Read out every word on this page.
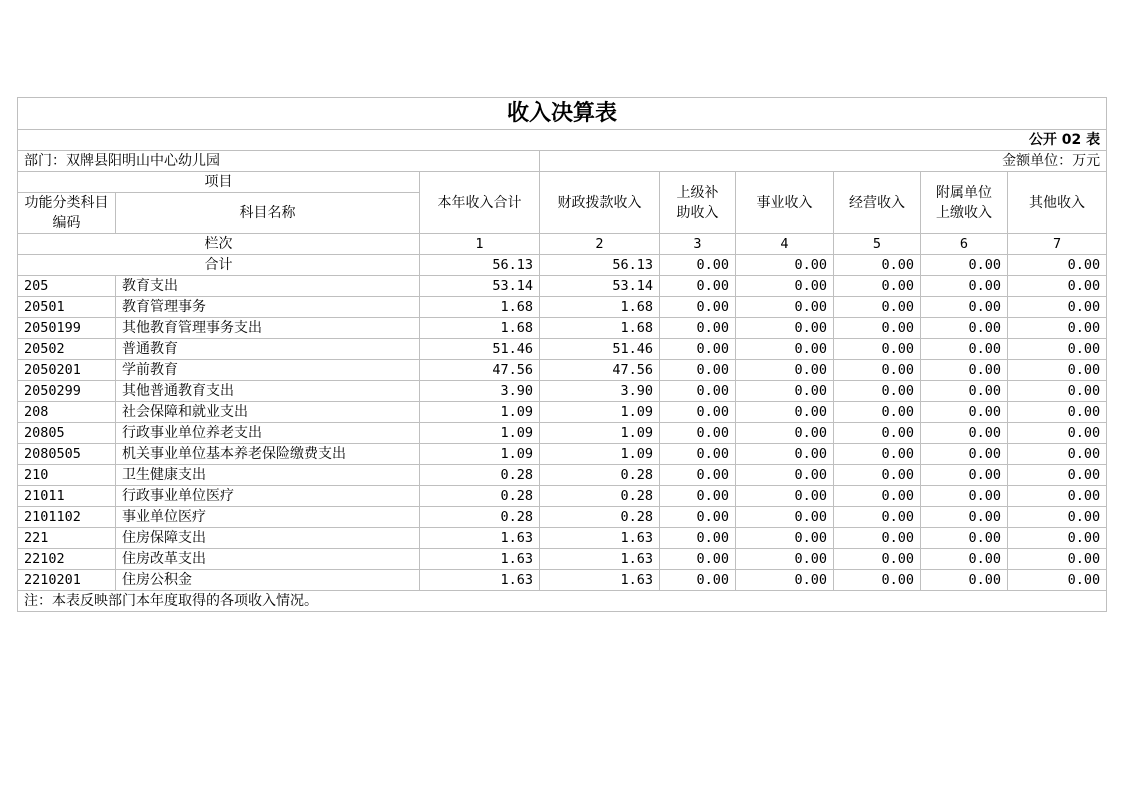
收入决算表								
公开 02 表								
部门：双牌县阳明山中心幼儿园			金额单位：万元					
项目		本年收入合计	财政拨款收入	上级补助收入	事业收入	经营收入	附属单位上缴收入	其他收入
功能分类科目编码	科目名称							
栏次		1	2	3	4	5	6	7
合计		56.13	56.13	0.00	0.00	0.00	0.00	0.00
205	教育支出	53.14	53.14	0.00	0.00	0.00	0.00	0.00
20501	教育管理事务	1.68	1.68	0.00	0.00	0.00	0.00	0.00
2050199	其他教育管理事务支出	1.68	1.68	0.00	0.00	0.00	0.00	0.00
20502	普通教育	51.46	51.46	0.00	0.00	0.00	0.00	0.00
2050201	学前教育	47.56	47.56	0.00	0.00	0.00	0.00	0.00
2050299	其他普通教育支出	3.90	3.90	0.00	0.00	0.00	0.00	0.00
208	社会保障和就业支出	1.09	1.09	0.00	0.00	0.00	0.00	0.00
20805	行政事业单位养老支出	1.09	1.09	0.00	0.00	0.00	0.00	0.00
2080505	机关事业单位基本养老保险缴费支出	1.09	1.09	0.00	0.00	0.00	0.00	0.00
210	卫生健康支出	0.28	0.28	0.00	0.00	0.00	0.00	0.00
21011	行政事业单位医疗	0.28	0.28	0.00	0.00	0.00	0.00	0.00
2101102	事业单位医疗	0.28	0.28	0.00	0.00	0.00	0.00	0.00
221	住房保障支出	1.63	1.63	0.00	0.00	0.00	0.00	0.00
22102	住房改革支出	1.63	1.63	0.00	0.00	0.00	0.00	0.00
2210201	住房公积金	1.63	1.63	0.00	0.00	0.00	0.00	0.00
注：本表反映部门本年度取得的各项收入情况。								
